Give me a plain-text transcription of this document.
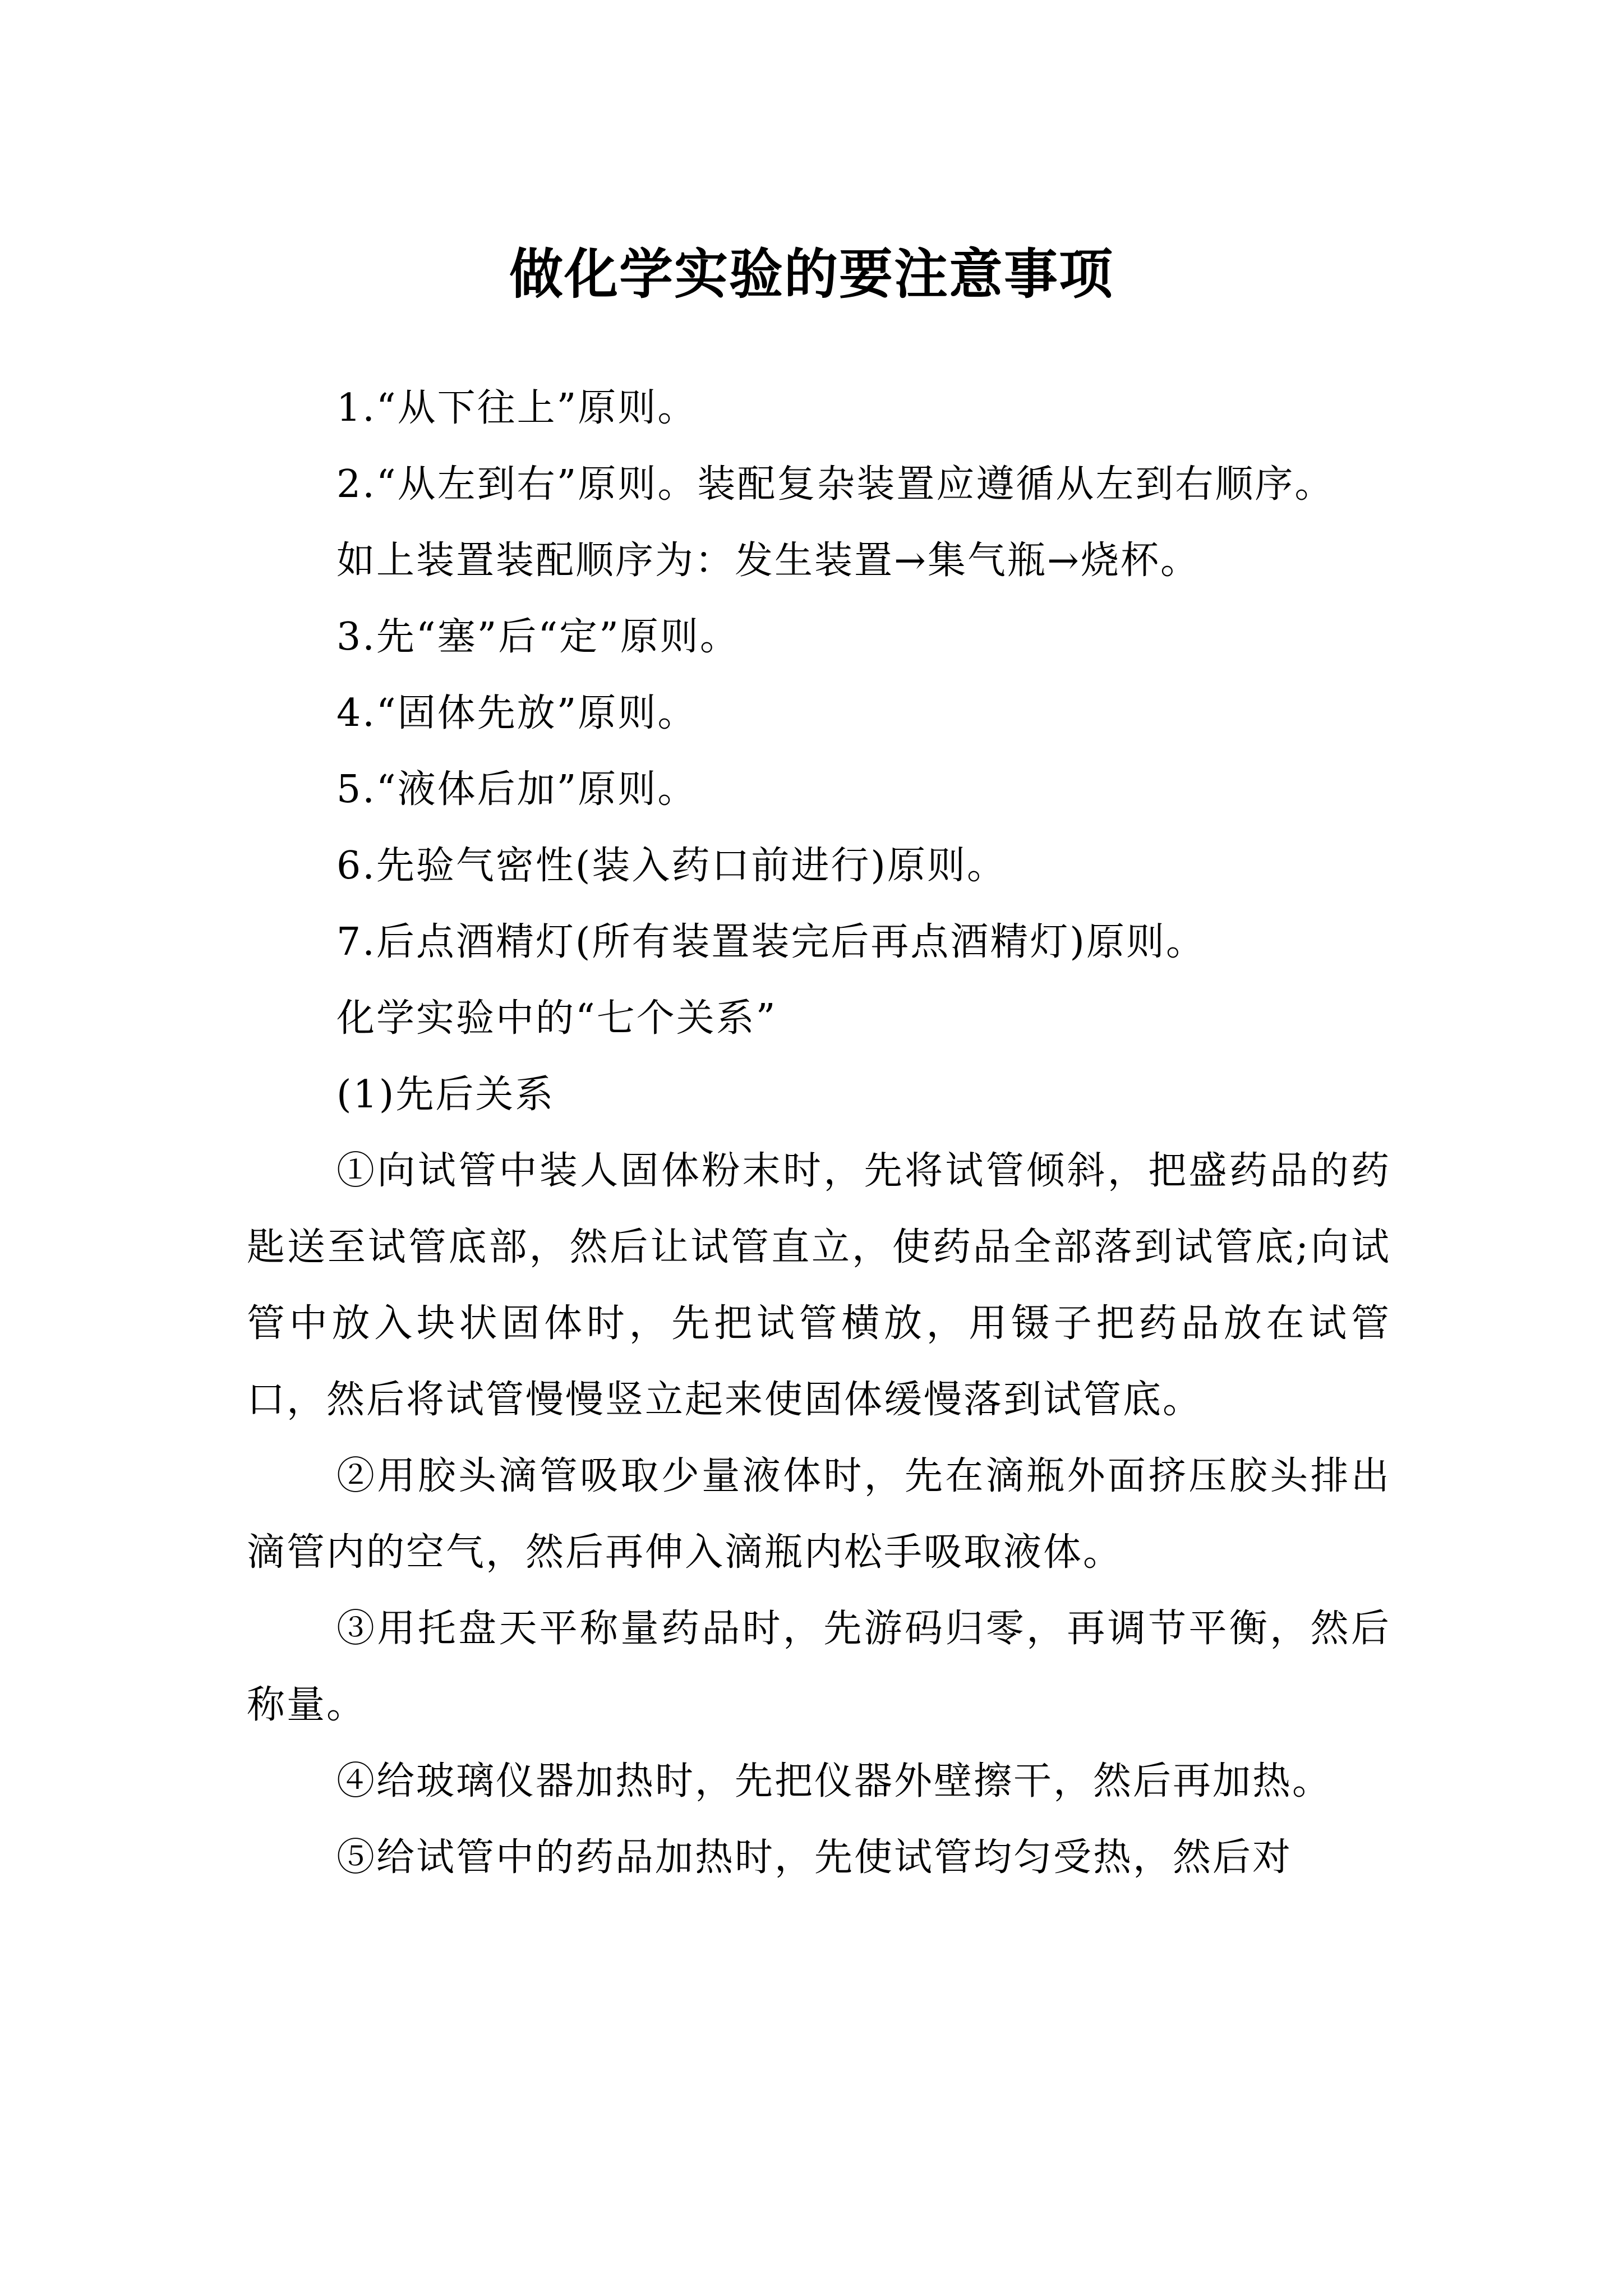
做化学实验的要注意事项

1.“从下往上”原则。

2.“从左到右”原则。装配复杂装置应遵循从左到右顺序。

如上装置装配顺序为：发生装置→集气瓶→烧杯。

3.先“塞”后“定”原则。

4.“固体先放”原则。

5.“液体后加”原则。

6.先验气密性(装入药口前进行)原则。

7.后点酒精灯(所有装置装完后再点酒精灯)原则。

化学实验中的“七个关系”

(1)先后关系

①向试管中装人固体粉末时，先将试管倾斜，把盛药品的药匙送至试管底部，然后让试管直立，使药品全部落到试管底;向试管中放入块状固体时，先把试管横放，用镊子把药品放在试管口，然后将试管慢慢竖立起来使固体缓慢落到试管底。

②用胶头滴管吸取少量液体时，先在滴瓶外面挤压胶头排出滴管内的空气，然后再伸入滴瓶内松手吸取液体。

③用托盘天平称量药品时，先游码归零，再调节平衡，然后称量。

④给玻璃仪器加热时，先把仪器外壁擦干，然后再加热。

⑤给试管中的药品加热时，先使试管均匀受热，然后对
